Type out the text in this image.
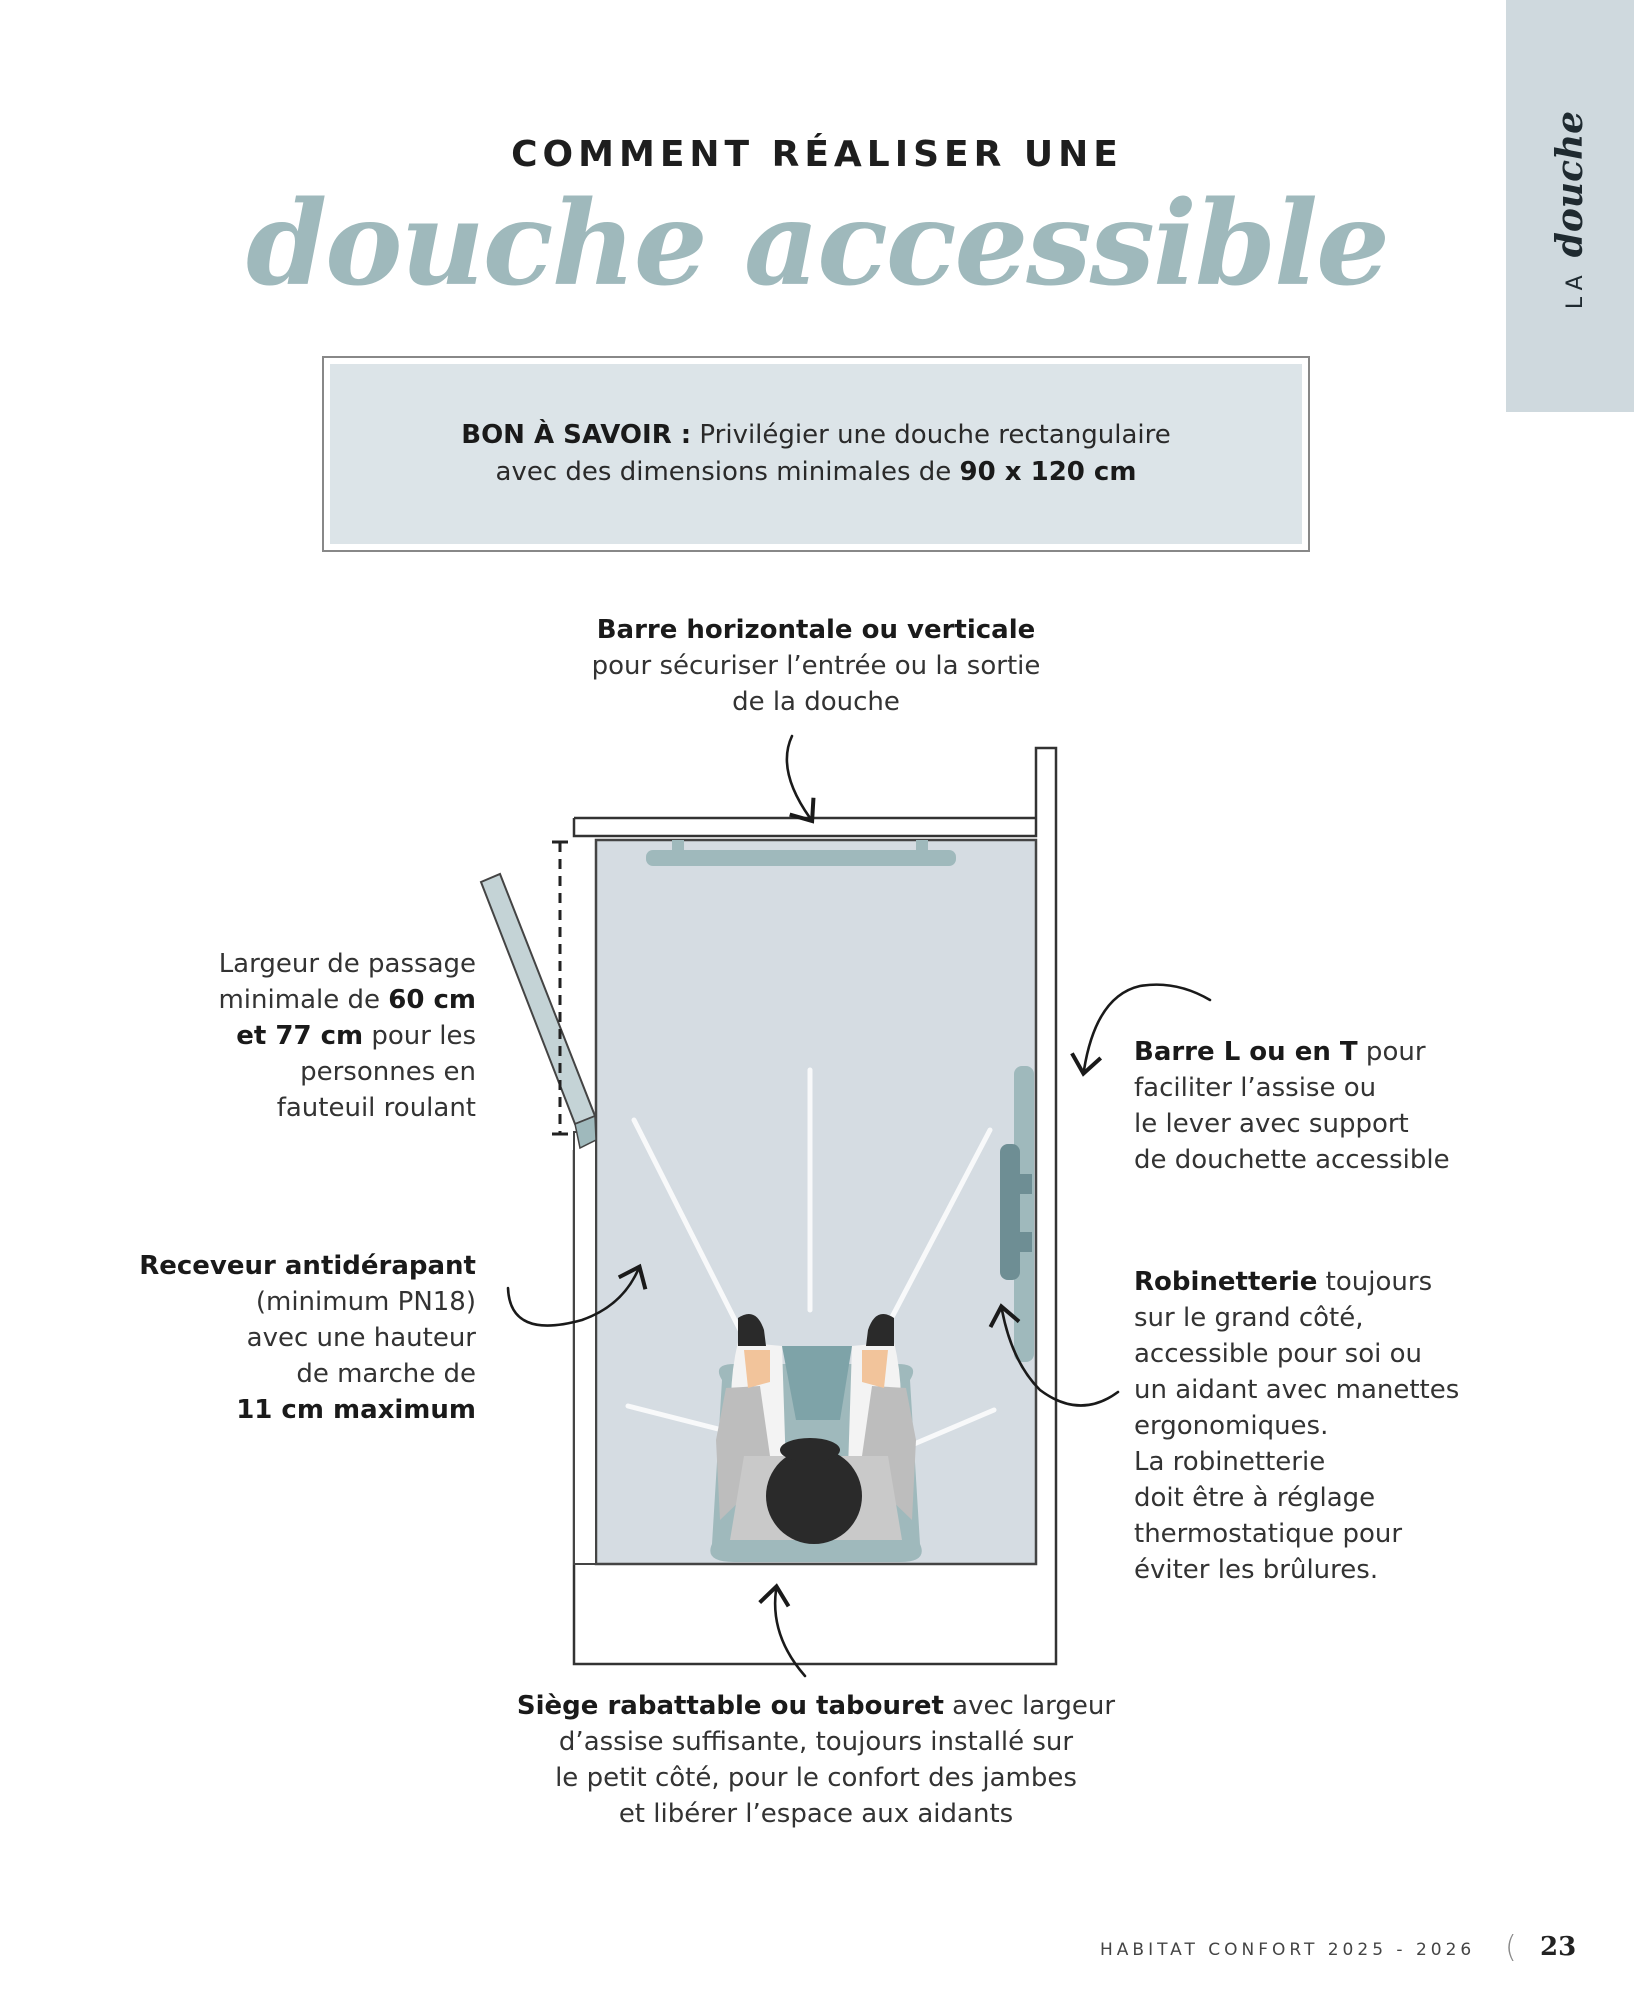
LAdouche
COMMENT RÉALISER UNE
douche accessible
BON À SAVOIR : Privilégier une douche rectangulaire
avec des dimensions minimales de 90 x 120 cm
Barre horizontale ou verticale
pour sécuriser l’entrée ou la sortie
de la douche
Largeur de passage
minimale de 60 cm
et 77 cm pour les
personnes en
fauteuil roulant
Barre L ou en T pour
faciliter l’assise ou
le lever avec support
de douchette accessible
Receveur antidérapant
(minimum PN18)
avec une hauteur
de marche de
11 cm maximum
Robinetterie toujours
sur le grand côté,
accessible pour soi ou
un aidant avec manettes
ergonomiques.
La robinetterie
doit être à réglage
thermostatique pour
éviter les brûlures.
Siège rabattable ou tabouret avec largeur
d’assise suffisante, toujours installé sur
le petit côté, pour le confort des jambes
et libérer l’espace aux aidants
HABITAT CONFORT 2025 - 2026 ( 23
